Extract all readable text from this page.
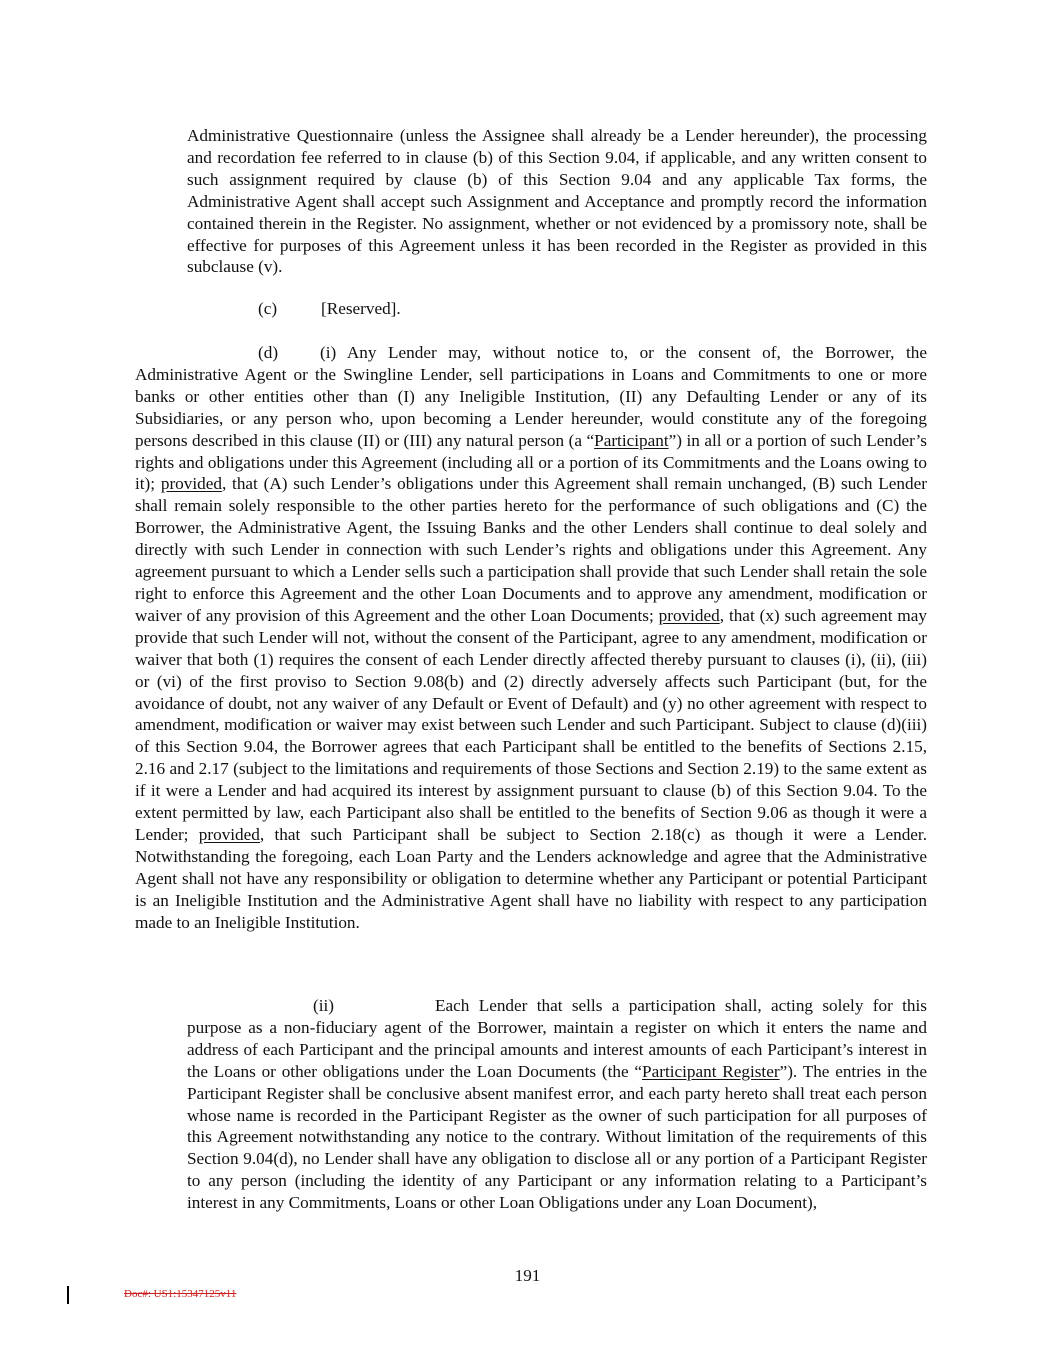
Administrative Questionnaire (unless the Assignee shall already be a Lender hereunder), the processing and recordation fee referred to in clause (b) of this Section 9.04, if applicable, and any written consent to such assignment required by clause (b) of this Section 9.04 and any applicable Tax forms, the Administrative Agent shall accept such Assignment and Acceptance and promptly record the information contained therein in the Register. No assignment, whether or not evidenced by a promissory note, shall be effective for purposes of this Agreement unless it has been recorded in the Register as provided in this subclause (v).

(c)	[Reserved].

(d) (i) Any Lender may, without notice to, or the consent of, the Borrower, the Administrative Agent or the Swingline Lender, sell participations in Loans and Commitments to one or more banks or other entities other than (I) any Ineligible Institution, (II) any Defaulting Lender or any of its Subsidiaries, or any person who, upon becoming a Lender hereunder, would constitute any of the foregoing persons described in this clause (II) or (III) any natural person (a “Participant”) in all or a portion of such Lender’s rights and obligations under this Agreement (including all or a portion of its Commitments and the Loans owing to it); provided, that (A) such Lender’s obligations under this Agreement shall remain unchanged, (B) such Lender shall remain solely responsible to the other parties hereto for the performance of such obligations and (C) the Borrower, the Administrative Agent, the Issuing Banks and the other Lenders shall continue to deal solely and directly with such Lender in connection with such Lender’s rights and obligations under this Agreement. Any agreement pursuant to which a Lender sells such a participation shall provide that such Lender shall retain the sole right to enforce this Agreement and the other Loan Documents and to approve any amendment, modification or waiver of any provision of this Agreement and the other Loan Documents; provided, that (x) such agreement may provide that such Lender will not, without the consent of the Participant, agree to any amendment, modification or waiver that both (1) requires the consent of each Lender directly affected thereby pursuant to clauses (i), (ii), (iii) or (vi) of the first proviso to Section 9.08(b) and (2) directly adversely affects such Participant (but, for the avoidance of doubt, not any waiver of any Default or Event of Default) and (y) no other agreement with respect to amendment, modification or waiver may exist between such Lender and such Participant. Subject to clause (d)(iii) of this Section 9.04, the Borrower agrees that each Participant shall be entitled to the benefits of Sections 2.15, 2.16 and 2.17 (subject to the limitations and requirements of those Sections and Section 2.19) to the same extent as if it were a Lender and had acquired its interest by assignment pursuant to clause (b) of this Section 9.04. To the extent permitted by law, each Participant also shall be entitled to the benefits of Section 9.06 as though it were a Lender; provided, that such Participant shall be subject to Section 2.18(c) as though it were a Lender. Notwithstanding the foregoing, each Loan Party and the Lenders acknowledge and agree that the Administrative Agent shall not have any responsibility or obligation to determine whether any Participant or potential Participant is an Ineligible Institution and the Administrative Agent shall have no liability with respect to any participation made to an Ineligible Institution.

(ii)	Each Lender that sells a participation shall, acting solely for this purpose as a non-fiduciary agent of the Borrower, maintain a register on which it enters the name and address of each Participant and the principal amounts and interest amounts of each Participant’s interest in the Loans or other obligations under the Loan Documents (the “Participant Register”). The entries in the Participant Register shall be conclusive absent manifest error, and each party hereto shall treat each person whose name is recorded in the Participant Register as the owner of such participation for all purposes of this Agreement notwithstanding any notice to the contrary. Without limitation of the requirements of this Section 9.04(d), no Lender shall have any obligation to disclose all or any portion of a Participant Register to any person (including the identity of any Participant or any information relating to a Participant’s interest in any Commitments, Loans or other Loan Obligations under any Loan Document),

191
Doc#: US1:15347125v11
